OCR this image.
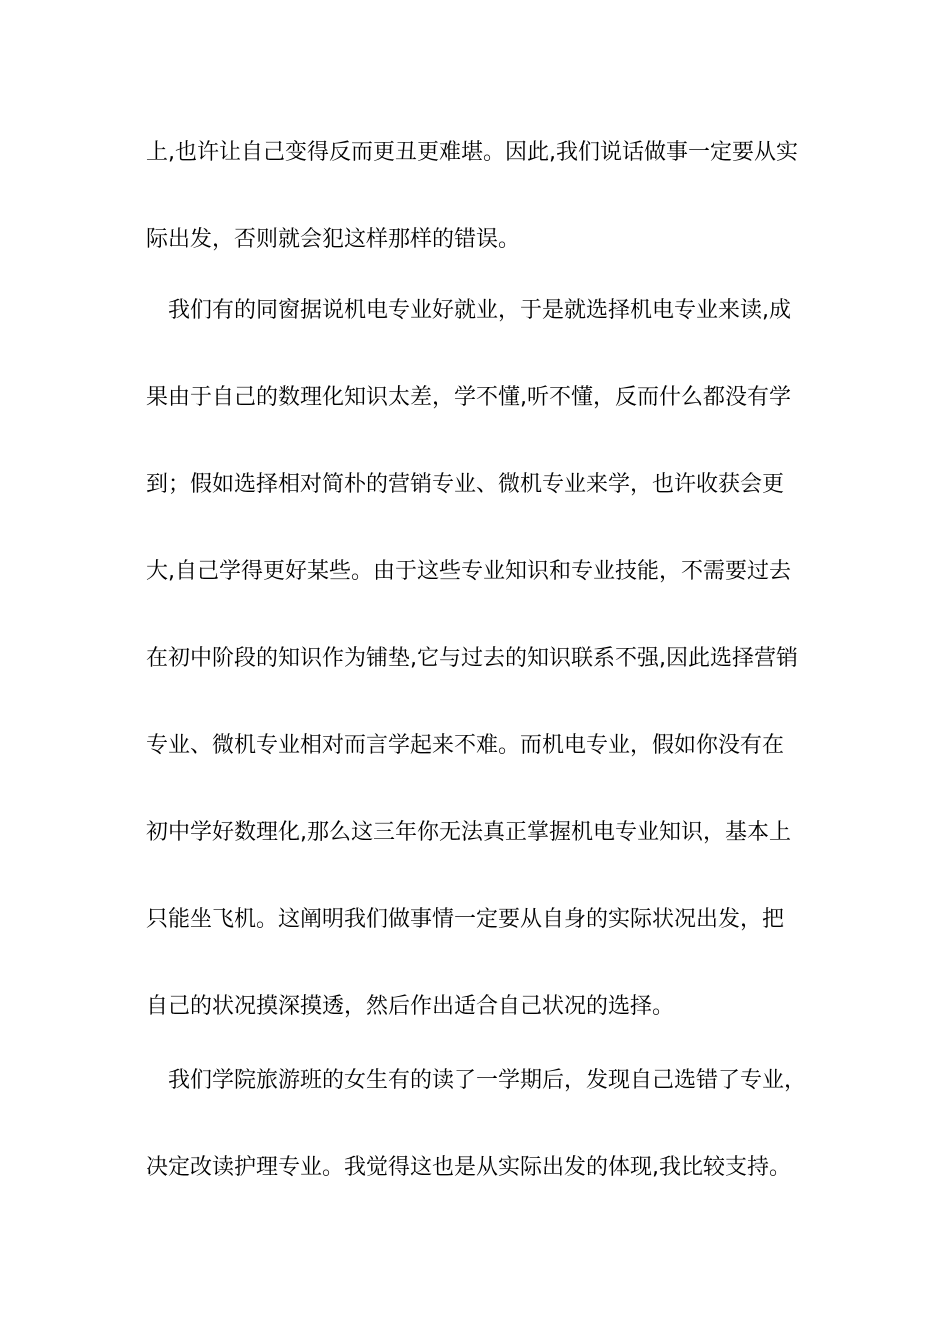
上,也许让自己变得反而更丑更难堪。因此,我们说话做事一定要从实
际出发，否则就会犯这样那样的错误。
　我们有的同窗据说机电专业好就业，于是就选择机电专业来读,成
果由于自己的数理化知识太差，学不懂,听不懂，反而什么都没有学
到；假如选择相对简朴的营销专业、微机专业来学，也许收获会更
大,自己学得更好某些。由于这些专业知识和专业技能，不需要过去
在初中阶段的知识作为铺垫,它与过去的知识联系不强,因此选择营销
专业、微机专业相对而言学起来不难。而机电专业，假如你没有在
初中学好数理化,那么这三年你无法真正掌握机电专业知识，基本上
只能坐飞机。这阐明我们做事情一定要从自身的实际状况出发，把
自己的状况摸深摸透，然后作出适合自己状况的选择。
　我们学院旅游班的女生有的读了一学期后，发现自己选错了专业，
决定改读护理专业。我觉得这也是从实际出发的体现,我比较支持。
